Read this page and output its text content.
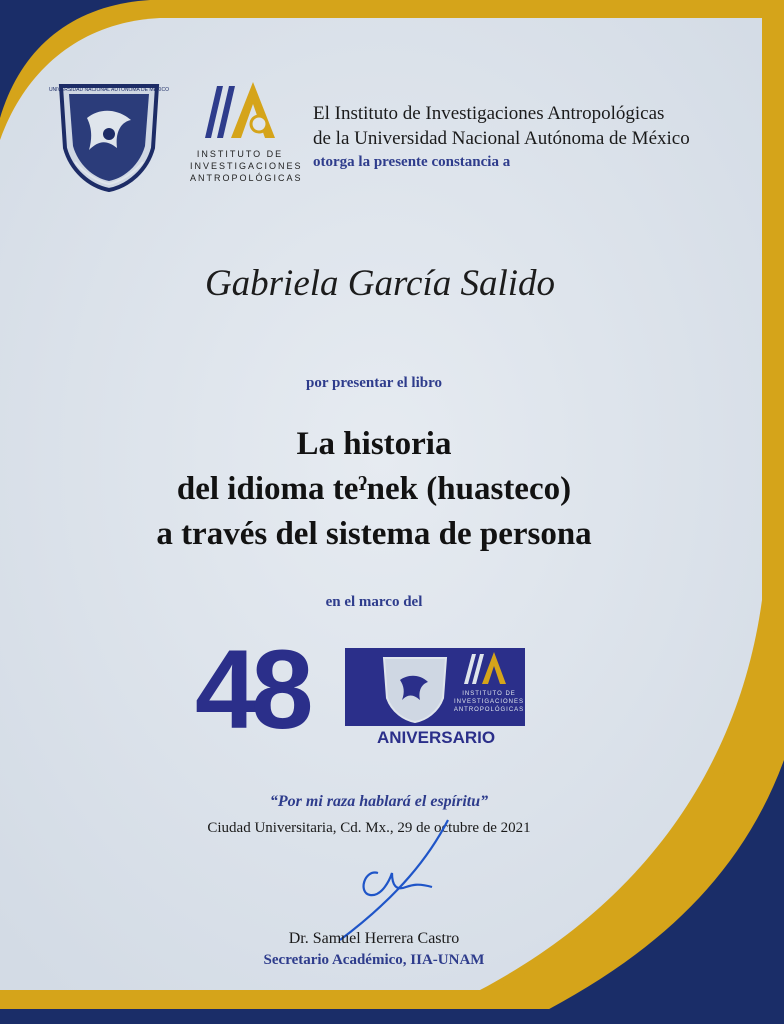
UNIVERSIDAD NACIONAL AUTÓNOMA DE MÉXICO
INSTITUTO DE
INVESTIGACIONES
ANTROPOLÓGICAS
El Instituto de Investigaciones Antropológicas
de la Universidad Nacional Autónoma de México
otorga la presente constancia a
Gabriela García Salido
por presentar el libro
La historia
del idioma teˀnek (huasteco)
a través del sistema de persona
en el marco del
48	INSTITUTO DE
INVESTIGACIONES
ANTROPOLÓGICAS
ANIVERSARIO
“Por mi raza hablará el espíritu”
Ciudad Universitaria, Cd. Mx., 29 de octubre de 2021
Dr. Samuel Herrera Castro
Secretario Académico, IIA-UNAM
